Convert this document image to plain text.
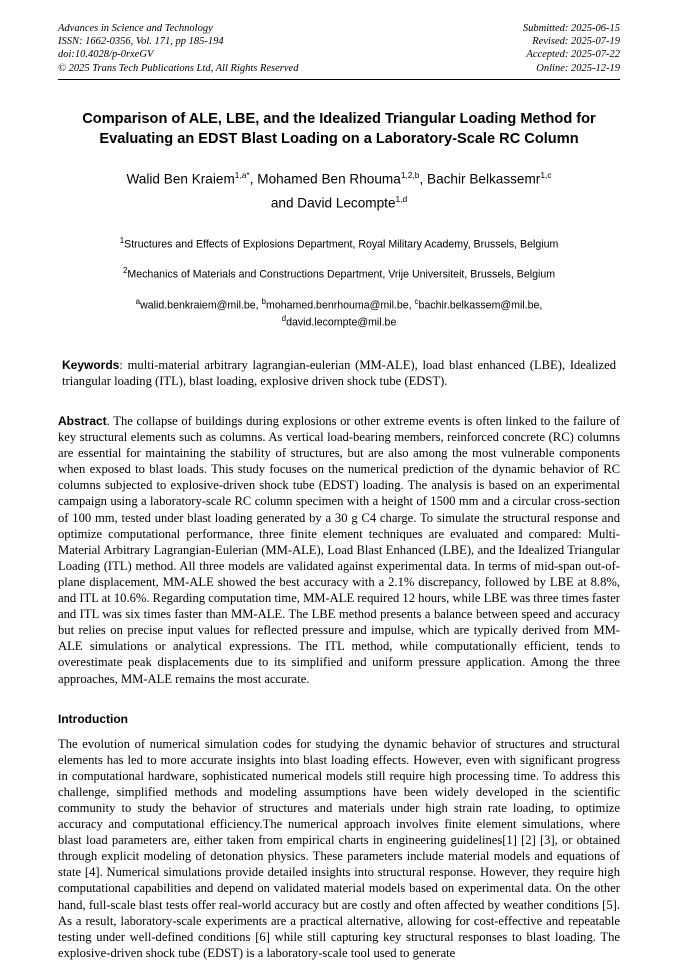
Advances in Science and Technology
ISSN: 1662-0356, Vol. 171, pp 185-194
doi:10.4028/p-0rxeGV
© 2025 Trans Tech Publications Ltd, All Rights Reserved
Submitted: 2025-06-15
Revised: 2025-07-19
Accepted: 2025-07-22
Online: 2025-12-19
Comparison of ALE, LBE, and the Idealized Triangular Loading Method for Evaluating an EDST Blast Loading on a Laboratory-Scale RC Column
Walid Ben Kraiem$^{1,a*}$, Mohamed Ben Rhouma$^{1,2,b}$, Bachir Belkassemr$^{1,c}$
and David Lecompte$^{1,d}$
$^1$Structures and Effects of Explosions Department, Royal Military Academy, Brussels, Belgium
$^2$Mechanics of Materials and Constructions Department, Vrije Universiteit, Brussels, Belgium
$^a$walid.benkraiem@mil.be, $^b$mohamed.benrhouma@mil.be, $^c$bachir.belkassem@mil.be,
$^d$david.lecompte@mil.be
Keywords: multi-material arbitrary lagrangian-eulerian (MM-ALE), load blast enhanced (LBE), Idealized triangular loading (ITL), blast loading, explosive driven shock tube (EDST).
Abstract. The collapse of buildings during explosions or other extreme events is often linked to the failure of key structural elements such as columns. As vertical load-bearing members, reinforced concrete (RC) columns are essential for maintaining the stability of structures, but are also among the most vulnerable components when exposed to blast loads. This study focuses on the numerical prediction of the dynamic behavior of RC columns subjected to explosive-driven shock tube (EDST) loading. The analysis is based on an experimental campaign using a laboratory-scale RC column specimen with a height of 1500 mm and a circular cross-section of 100 mm, tested under blast loading generated by a 30 g C4 charge. To simulate the structural response and optimize computational performance, three finite element techniques are evaluated and compared: Multi-Material Arbitrary Lagrangian-Eulerian (MM-ALE), Load Blast Enhanced (LBE), and the Idealized Triangular Loading (ITL) method. All three models are validated against experimental data. In terms of mid-span out-of-plane displacement, MM-ALE showed the best accuracy with a 2.1% discrepancy, followed by LBE at 8.8%, and ITL at 10.6%. Regarding computation time, MM-ALE required 12 hours, while LBE was three times faster and ITL was six times faster than MM-ALE. The LBE method presents a balance between speed and accuracy but relies on precise input values for reflected pressure and impulse, which are typically derived from MM-ALE simulations or analytical expressions. The ITL method, while computationally efficient, tends to overestimate peak displacements due to its simplified and uniform pressure application. Among the three approaches, MM-ALE remains the most accurate.
Introduction
The evolution of numerical simulation codes for studying the dynamic behavior of structures and structural elements has led to more accurate insights into blast loading effects. However, even with significant progress in computational hardware, sophisticated numerical models still require high processing time. To address this challenge, simplified methods and modeling assumptions have been widely developed in the scientific community to study the behavior of structures and materials under high strain rate loading, to optimize accuracy and computational efficiency.The numerical approach involves finite element simulations, where blast load parameters are, either taken from empirical charts in engineering guidelines[1] [2] [3], or obtained through explicit modeling of detonation physics. These parameters include material models and equations of state [4]. Numerical simulations provide detailed insights into structural response. However, they require high computational capabilities and depend on validated material models based on experimental data. On the other hand, full-scale blast tests offer real-world accuracy but are costly and often affected by weather conditions [5]. As a result, laboratory-scale experiments are a practical alternative, allowing for cost-effective and repeatable testing under well-defined conditions [6] while still capturing key structural responses to blast loading. The explosive-driven shock tube (EDST) is a laboratory-scale tool used to generate
